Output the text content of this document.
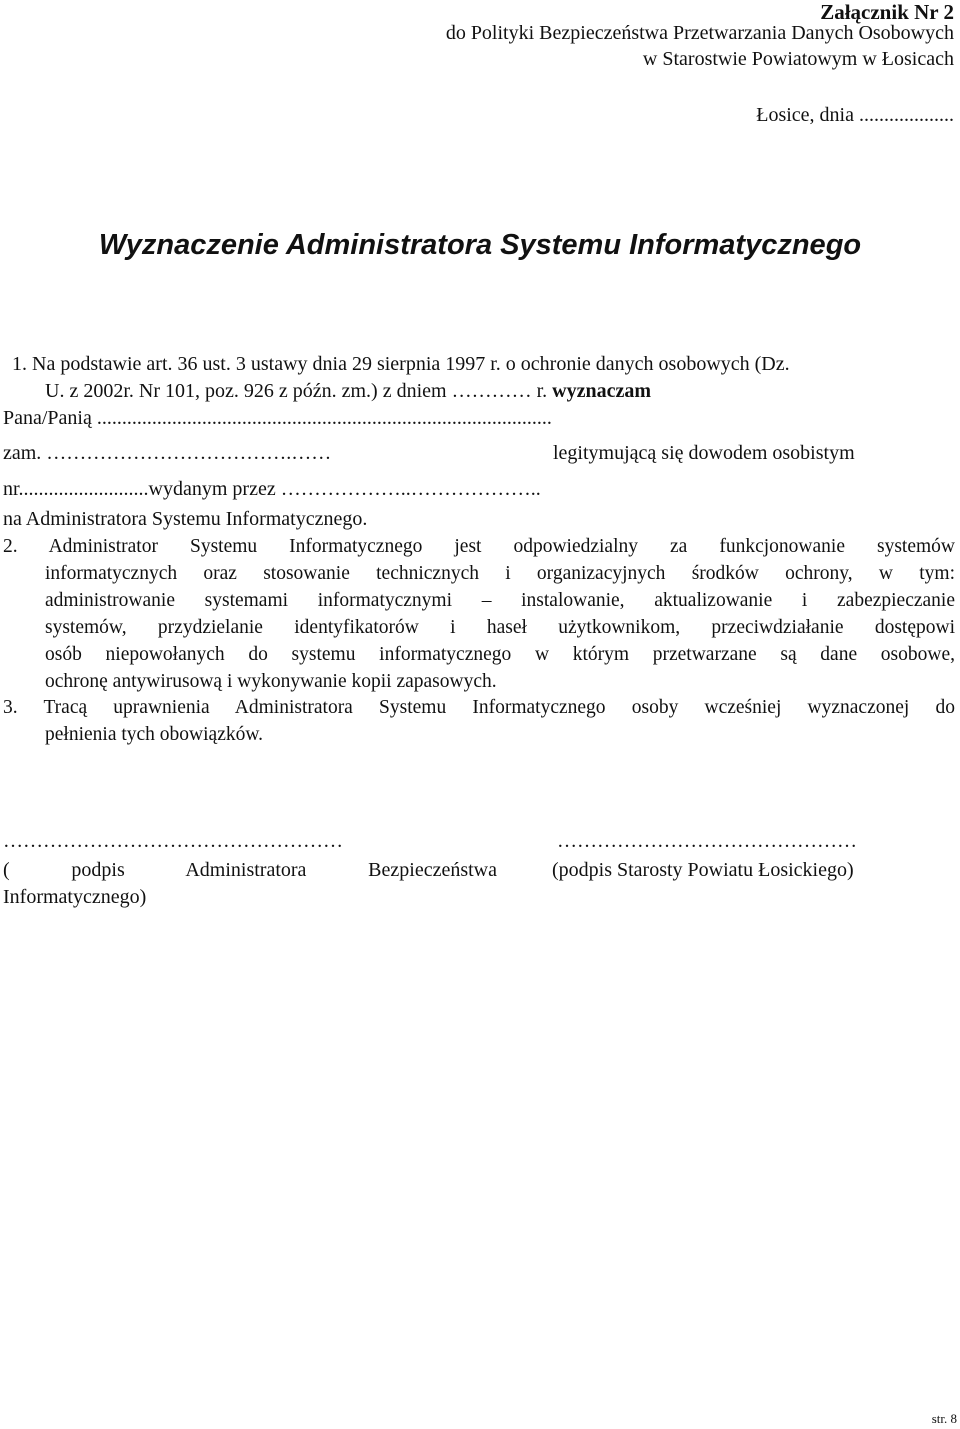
Załącznik Nr 2
do Polityki Bezpieczeństwa Przetwarzania Danych Osobowych
w Starostwie Powiatowym w Łosicach
Łosice, dnia ...................
Wyznaczenie Administratora Systemu Informatycznego
1. Na podstawie art. 36 ust. 3 ustawy dnia 29 sierpnia 1997 r. o ochronie danych osobowych (Dz.
U. z 2002r. Nr 101, poz. 926 z późn. zm.) z dniem ………… r. wyznaczam
Pana/Panią ...........................................................................................
zam. ……………………………….……	legitymującą się dowodem osobistym
nr..........................wydanym przez ………………..………………..
na Administratora Systemu Informatycznego.
2. Administrator Systemu Informatycznego jest odpowiedzialny za funkcjonowanie systemów
informatycznych oraz stosowanie technicznych i organizacyjnych środków ochrony, w tym:
administrowanie systemami informatycznymi – instalowanie, aktualizowanie i zabezpieczanie
systemów, przydzielanie identyfikatorów i haseł użytkownikom, przeciwdziałanie dostępowi
osób niepowołanych do systemu informatycznego w którym przetwarzane są dane osobowe,
ochronę antywirusową i wykonywanie kopii zapasowych.
3. Tracą uprawnienia Administratora Systemu Informatycznego osoby wcześniej wyznaczonej do
pełnienia tych obowiązków.
……………………………………………	………………………………………
( podpis Administratora Bezpieczeństwa
Informatycznego)
(podpis Starosty Powiatu Łosickiego)
str. 8
